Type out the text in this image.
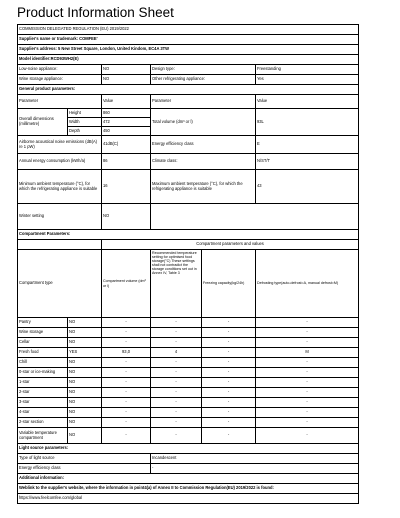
Product Information Sheet
COMMISSION DELEGATED REGULATION (EU) 2019/2022					
Supplier's name or trademark: COMFEE'					
Supplier's address: 5 New Street Square, London, United Kindom, EC4A 3TW					
Model identifier:RCD93WH2(E)					
Low-noise appliance:		NO	Design type:		Freestanding
Wine storage appliance:		NO	Other refrigerating appliance:		Yes
General product parameters:					
Parameter		Value	Parameter		Value
Overall dimensions (millimetre)	Height	860	Total volume (dm³ or l)		93L
	Width	472			
	Depth	450			
Airborne acoustical noise emissions (dB(A) re 1 pW)		41dB(C)	Energy efficiency class		E
Annual energy consumption (kWh/a)		86	Climate class:		N/ST/T
Minimum ambient temperature (°C), for which the refrigerating appliance is suitable		16	Maximum ambient temperature (°C), for which the refrigerating appliance is suitable		43
Winter setting		NO			
Compartment Parameters:					
		Compartment parameters and values			
Compartment type		Compartment volume (dm³ or l)	Recommended temperature setting for optimised food storage(°C) These settings shall not contradict the storage conditions set out in Annex IV, Table 3	Freezing capacity(kg/24h)	Defrosting type(auto-defrost=A, manual defrost=M)
Pantry	NO	-	-	-	-
Wine storage	NO	-	-	-	-
Cellar	NO	-	-	-	-
Fresh food	YES	93,0	4	-	M
Chill	NO	-	-	-	-
0-star or ice-making	NO	-	-	-	-
1-star	NO	-	-	-	-
2-star	NO	-	-	-	-
3-star	NO	-	-	-	-
4-star	NO	-	-	-	-
2-star section	NO	-	-	-	-
Variable temperature compartment	NO	-	-	-	-
Light source parameters:					
Type of light source			Incandescent		
Energy efficiency class			-		
Additional information:					
Weblink to the supplier's website, where the information in point4(a) of Annex II to Commission Regulation(EU) 2019/2022 is found:					
https://www.feelcomfee.com/global					
